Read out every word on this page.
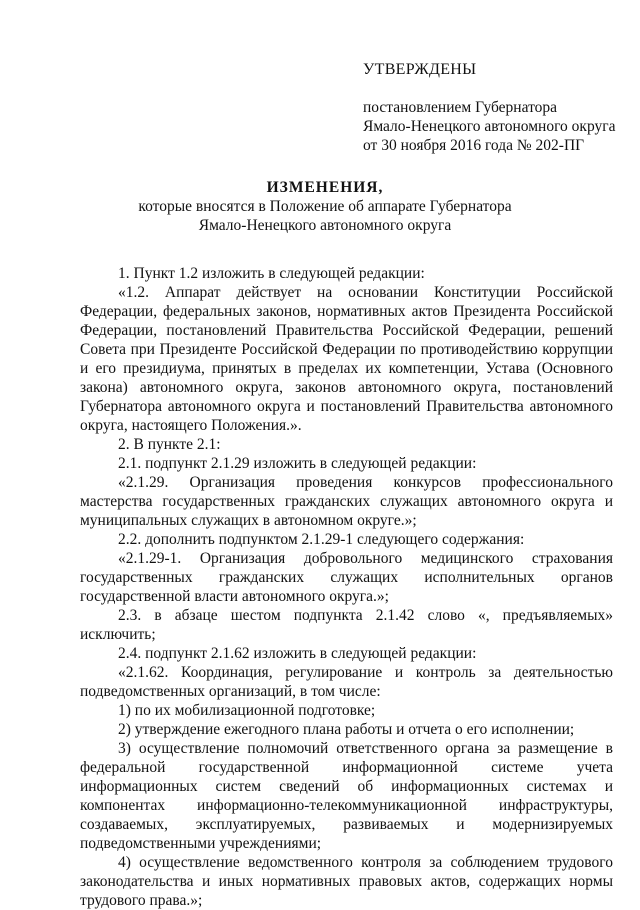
УТВЕРЖДЕНЫ
постановлением Губернатора
Ямало-Ненецкого автономного округа
от 30 ноября 2016 года № 202-ПГ
ИЗМЕНЕНИЯ,
которые вносятся в Положение об аппарате Губернатора
Ямало-Ненецкого автономного округа

1. Пункт 1.2 изложить в следующей редакции:

«1.2. Аппарат действует на основании Конституции Российской Федерации, федеральных законов, нормативных актов Президента Российской Федерации, постановлений Правительства Российской Федерации, решений Совета при Президенте Российской Федерации по противодействию коррупции и его президиума, принятых в пределах их компетенции, Устава (Основного закона) автономного округа, законов автономного округа, постановлений Губернатора автономного округа и постановлений Правительства автономного округа, настоящего Положения.».

2. В пункте 2.1:

2.1. подпункт 2.1.29 изложить в следующей редакции:

«2.1.29. Организация проведения конкурсов профессионального мастерства государственных гражданских служащих автономного округа и муниципальных служащих в автономном округе.»;

2.2. дополнить подпунктом 2.1.29-1 следующего содержания:

«2.1.29-1. Организация добровольного медицинского страхования государственных гражданских служащих исполнительных органов государственной власти автономного округа.»;

2.3. в абзаце шестом подпункта 2.1.42 слово «, предъявляемых» исключить;

2.4. подпункт 2.1.62 изложить в следующей редакции:

«2.1.62. Координация, регулирование и контроль за деятельностью подведомственных организаций, в том числе:

1) по их мобилизационной подготовке;

2) утверждение ежегодного плана работы и отчета о его исполнении;

3) осуществление полномочий ответственного органа за размещение в федеральной государственной информационной системе учета информационных систем сведений об информационных системах и компонентах информационно-телекоммуникационной инфраструктуры, создаваемых, эксплуатируемых, развиваемых и модернизируемых подведомственными учреждениями;

4) осуществление ведомственного контроля за соблюдением трудового законодательства и иных нормативных правовых актов, содержащих нормы трудового права.»;
